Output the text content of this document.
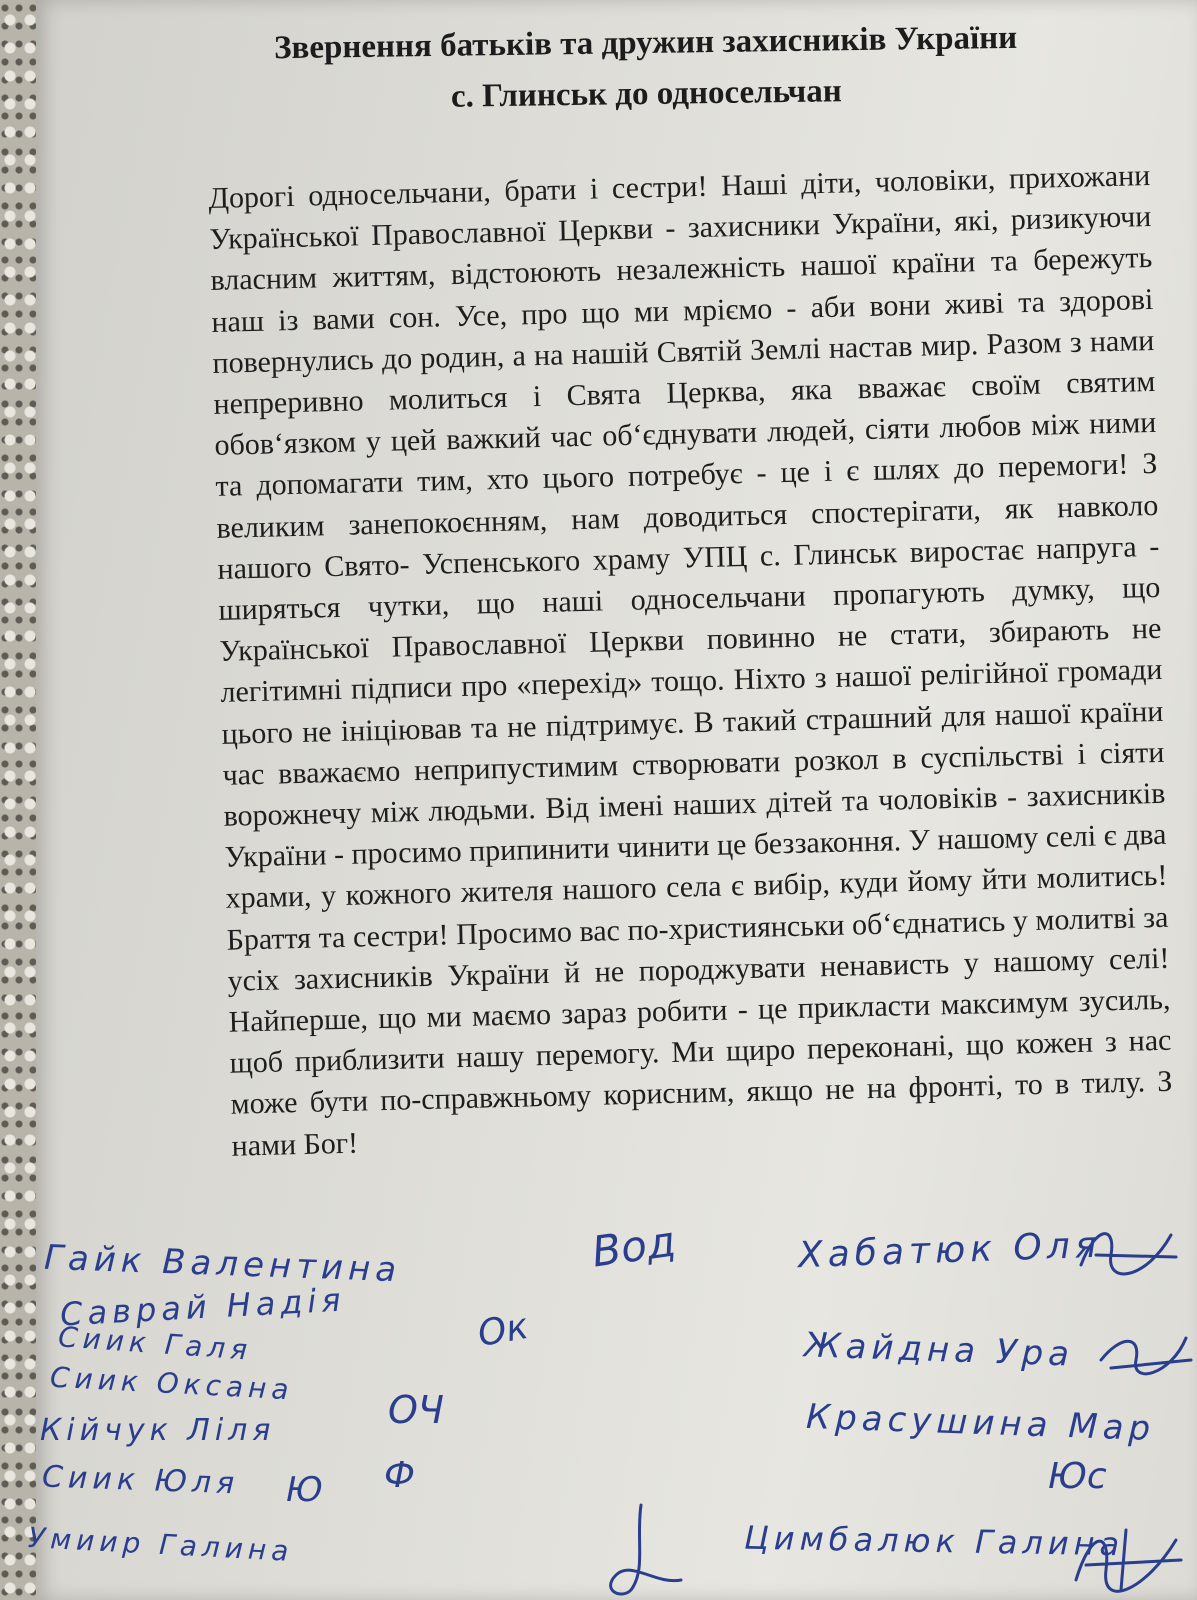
Звернення батьків та дружин захисників України
с. Глинськ до односельчан
Дорогі односельчани, брати і сестри! Наші діти, чоловіки, прихожани Української Православної Церкви - захисники України, які, ризикуючи власним життям, відстоюють незалежність нашої країни та бережуть наш із вами сон. Усе, про що ми мріємо - аби вони живі та здорові повернулись до родин, а на нашій Святій Землі настав мир. Разом з нами непреривно молиться і Свята Церква, яка вважає своїм святим обов‘язком у цей важкий час об‘єднувати людей, сіяти любов між ними та допомагати тим, хто цього потребує - це і є шлях до перемоги! З великим занепокоєнням, нам доводиться спостерігати, як навколо нашого Свято- Успенського храму УПЦ с. Глинськ виростає напруга - ширяться чутки, що наші односельчани пропагують думку, що Української Православної Церкви повинно не стати, збирають не легітимні підписи про «перехід» тощо. Ніхто з нашої релігійної громади цього не ініціював та не підтримує. В такий страшний для нашої країни час вважаємо неприпустимим створювати розкол в суспільстві і сіяти ворожнечу між людьми. Від імені наших дітей та чоловіків - захисників України - просимо припинити чинити це беззаконня. У нашому селі є два храми, у кожного жителя нашого села є вибір, куди йому йти молитись! Браття та сестри! Просимо вас по-християнськи об‘єднатись у молитві за усіх захисників України й не породжувати ненависть у нашому селі! Найперше, що ми маємо зараз робити - це прикласти максимум зусиль, щоб приблизити нашу перемогу. Ми щиро переконані, що кожен з нас може бути по-справжньому корисним, якщо не на фронті, то в тилу. З нами Бог!
Гайк Валентина
Саврай Надія
Сиик Галя
Сиик Оксана
Кійчук Ліля
Сиик Юля
Умиир Галина
Вод
Ок
ОЧ
Ю Ф	Юс
Хабатюк Оля
Жайдна Ура
Красушина Мар
Цимбалюк Галина
